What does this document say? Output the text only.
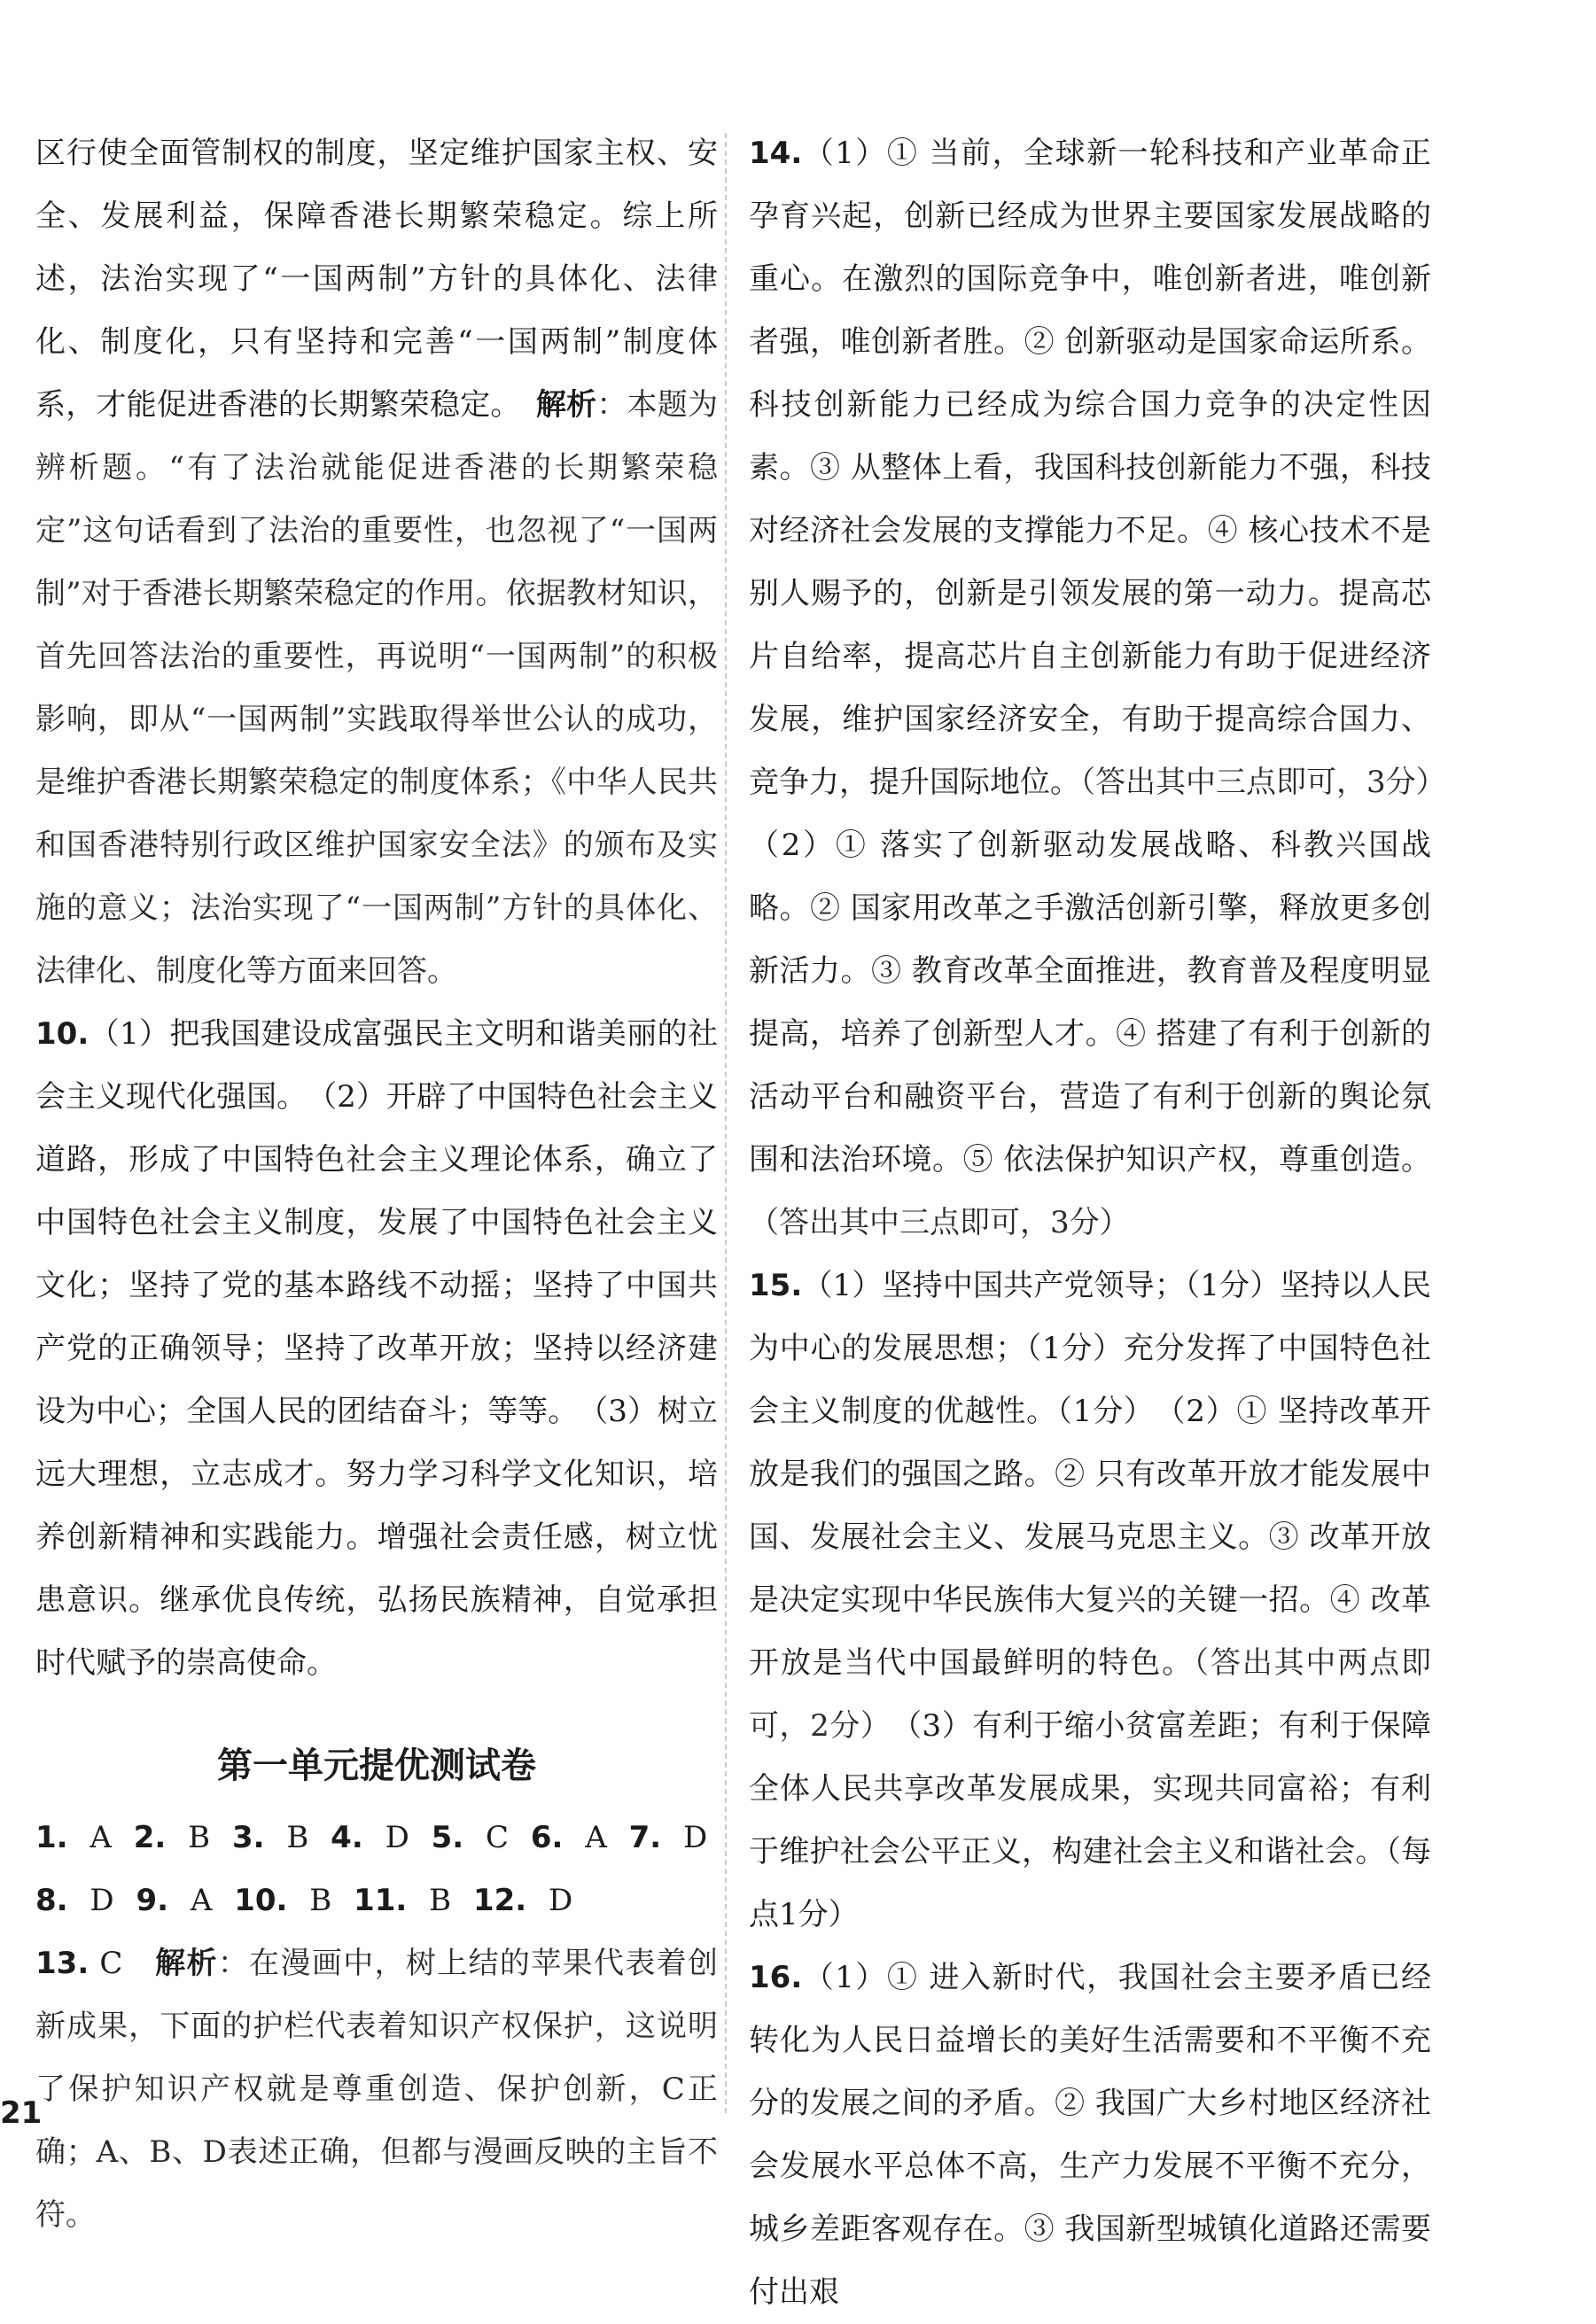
区行使全面管制权的制度，坚定维护国家主权、安全、发展利益，保障香港长期繁荣稳定。综上所述，法治实现了“一国两制”方针的具体化、法律化、制度化，只有坚持和完善“一国两制”制度体系，才能促进香港的长期繁荣稳定。　 解析：本题为辨析题。“有了法治就能促进香港的长期繁荣稳定”这句话看到了法治的重要性，也忽视了“一国两制”对于香港长期繁荣稳定的作用。依据教材知识，首先回答法治的重要性，再说明“一国两制”的积极影响，即从“一国两制”实践取得举世公认的成功，是维护香港长期繁荣稳定的制度体系；《中华人民共和国香港特别行政区维护国家安全法》的颁布及实施的意义；法治实现了“一国两制”方针的具体化、法律化、制度化等方面来回答。

10.（1）把我国建设成富强民主文明和谐美丽的社会主义现代化强国。　（2）开辟了中国特色社会主义道路，形成了中国特色社会主义理论体系，确立了中国特色社会主义制度，发展了中国特色社会主义文化；坚持了党的基本路线不动摇；坚持了中国共产党的正确领导；坚持了改革开放；坚持以经济建设为中心；全国人民的团结奋斗；等等。　（3）树立远大理想，立志成才。努力学习科学文化知识，培养创新精神和实践能力。增强社会责任感，树立忧患意识。继承优良传统，弘扬民族精神，自觉承担时代赋予的崇高使命。

第一单元提优测试卷

1. A 2. B 3. B 4. D 5. C 6. A 7. D

8. D 9. A 10. B 11. B 12. D

13. C　 解析：在漫画中，树上结的苹果代表着创新成果，下面的护栏代表着知识产权保护，这说明了保护知识产权就是尊重创造、保护创新，C正确；A、B、D表述正确，但都与漫画反映的主旨不符。

14.（1）① 当前，全球新一轮科技和产业革命正孕育兴起，创新已经成为世界主要国家发展战略的重心。在激烈的国际竞争中，唯创新者进，唯创新者强，唯创新者胜。② 创新驱动是国家命运所系。科技创新能力已经成为综合国力竞争的决定性因素。③ 从整体上看，我国科技创新能力不强，科技对经济社会发展的支撑能力不足。④ 核心技术不是别人赐予的，创新是引领发展的第一动力。提高芯片自给率，提高芯片自主创新能力有助于促进经济发展，维护国家经济安全，有助于提高综合国力、竞争力，提升国际地位。（答出其中三点即可，3分）　（2）① 落实了创新驱动发展战略、科教兴国战略。② 国家用改革之手激活创新引擎，释放更多创新活力。③ 教育改革全面推进，教育普及程度明显提高，培养了创新型人才。④ 搭建了有利于创新的活动平台和融资平台，营造了有利于创新的舆论氛围和法治环境。⑤ 依法保护知识产权，尊重创造。（答出其中三点即可，3分）

15.（1）坚持中国共产党领导；（1分）坚持以人民为中心的发展思想；（1分）充分发挥了中国特色社会主义制度的优越性。（1分）　（2）① 坚持改革开放是我们的强国之路。② 只有改革开放才能发展中国、发展社会主义、发展马克思主义。③ 改革开放是决定实现中华民族伟大复兴的关键一招。④ 改革开放是当代中国最鲜明的特色。（答出其中两点即可，2分）　（3）有利于缩小贫富差距；有利于保障全体人民共享改革发展成果，实现共同富裕；有利于维护社会公平正义，构建社会主义和谐社会。（每点1分）

16.（1）① 进入新时代，我国社会主要矛盾已经转化为人民日益增长的美好生活需要和不平衡不充分的发展之间的矛盾。② 我国广大乡村地区经济社会发展水平总体不高，生产力发展不平衡不充分，城乡差距客观存在。③ 我国新型城镇化道路还需要付出艰

21
